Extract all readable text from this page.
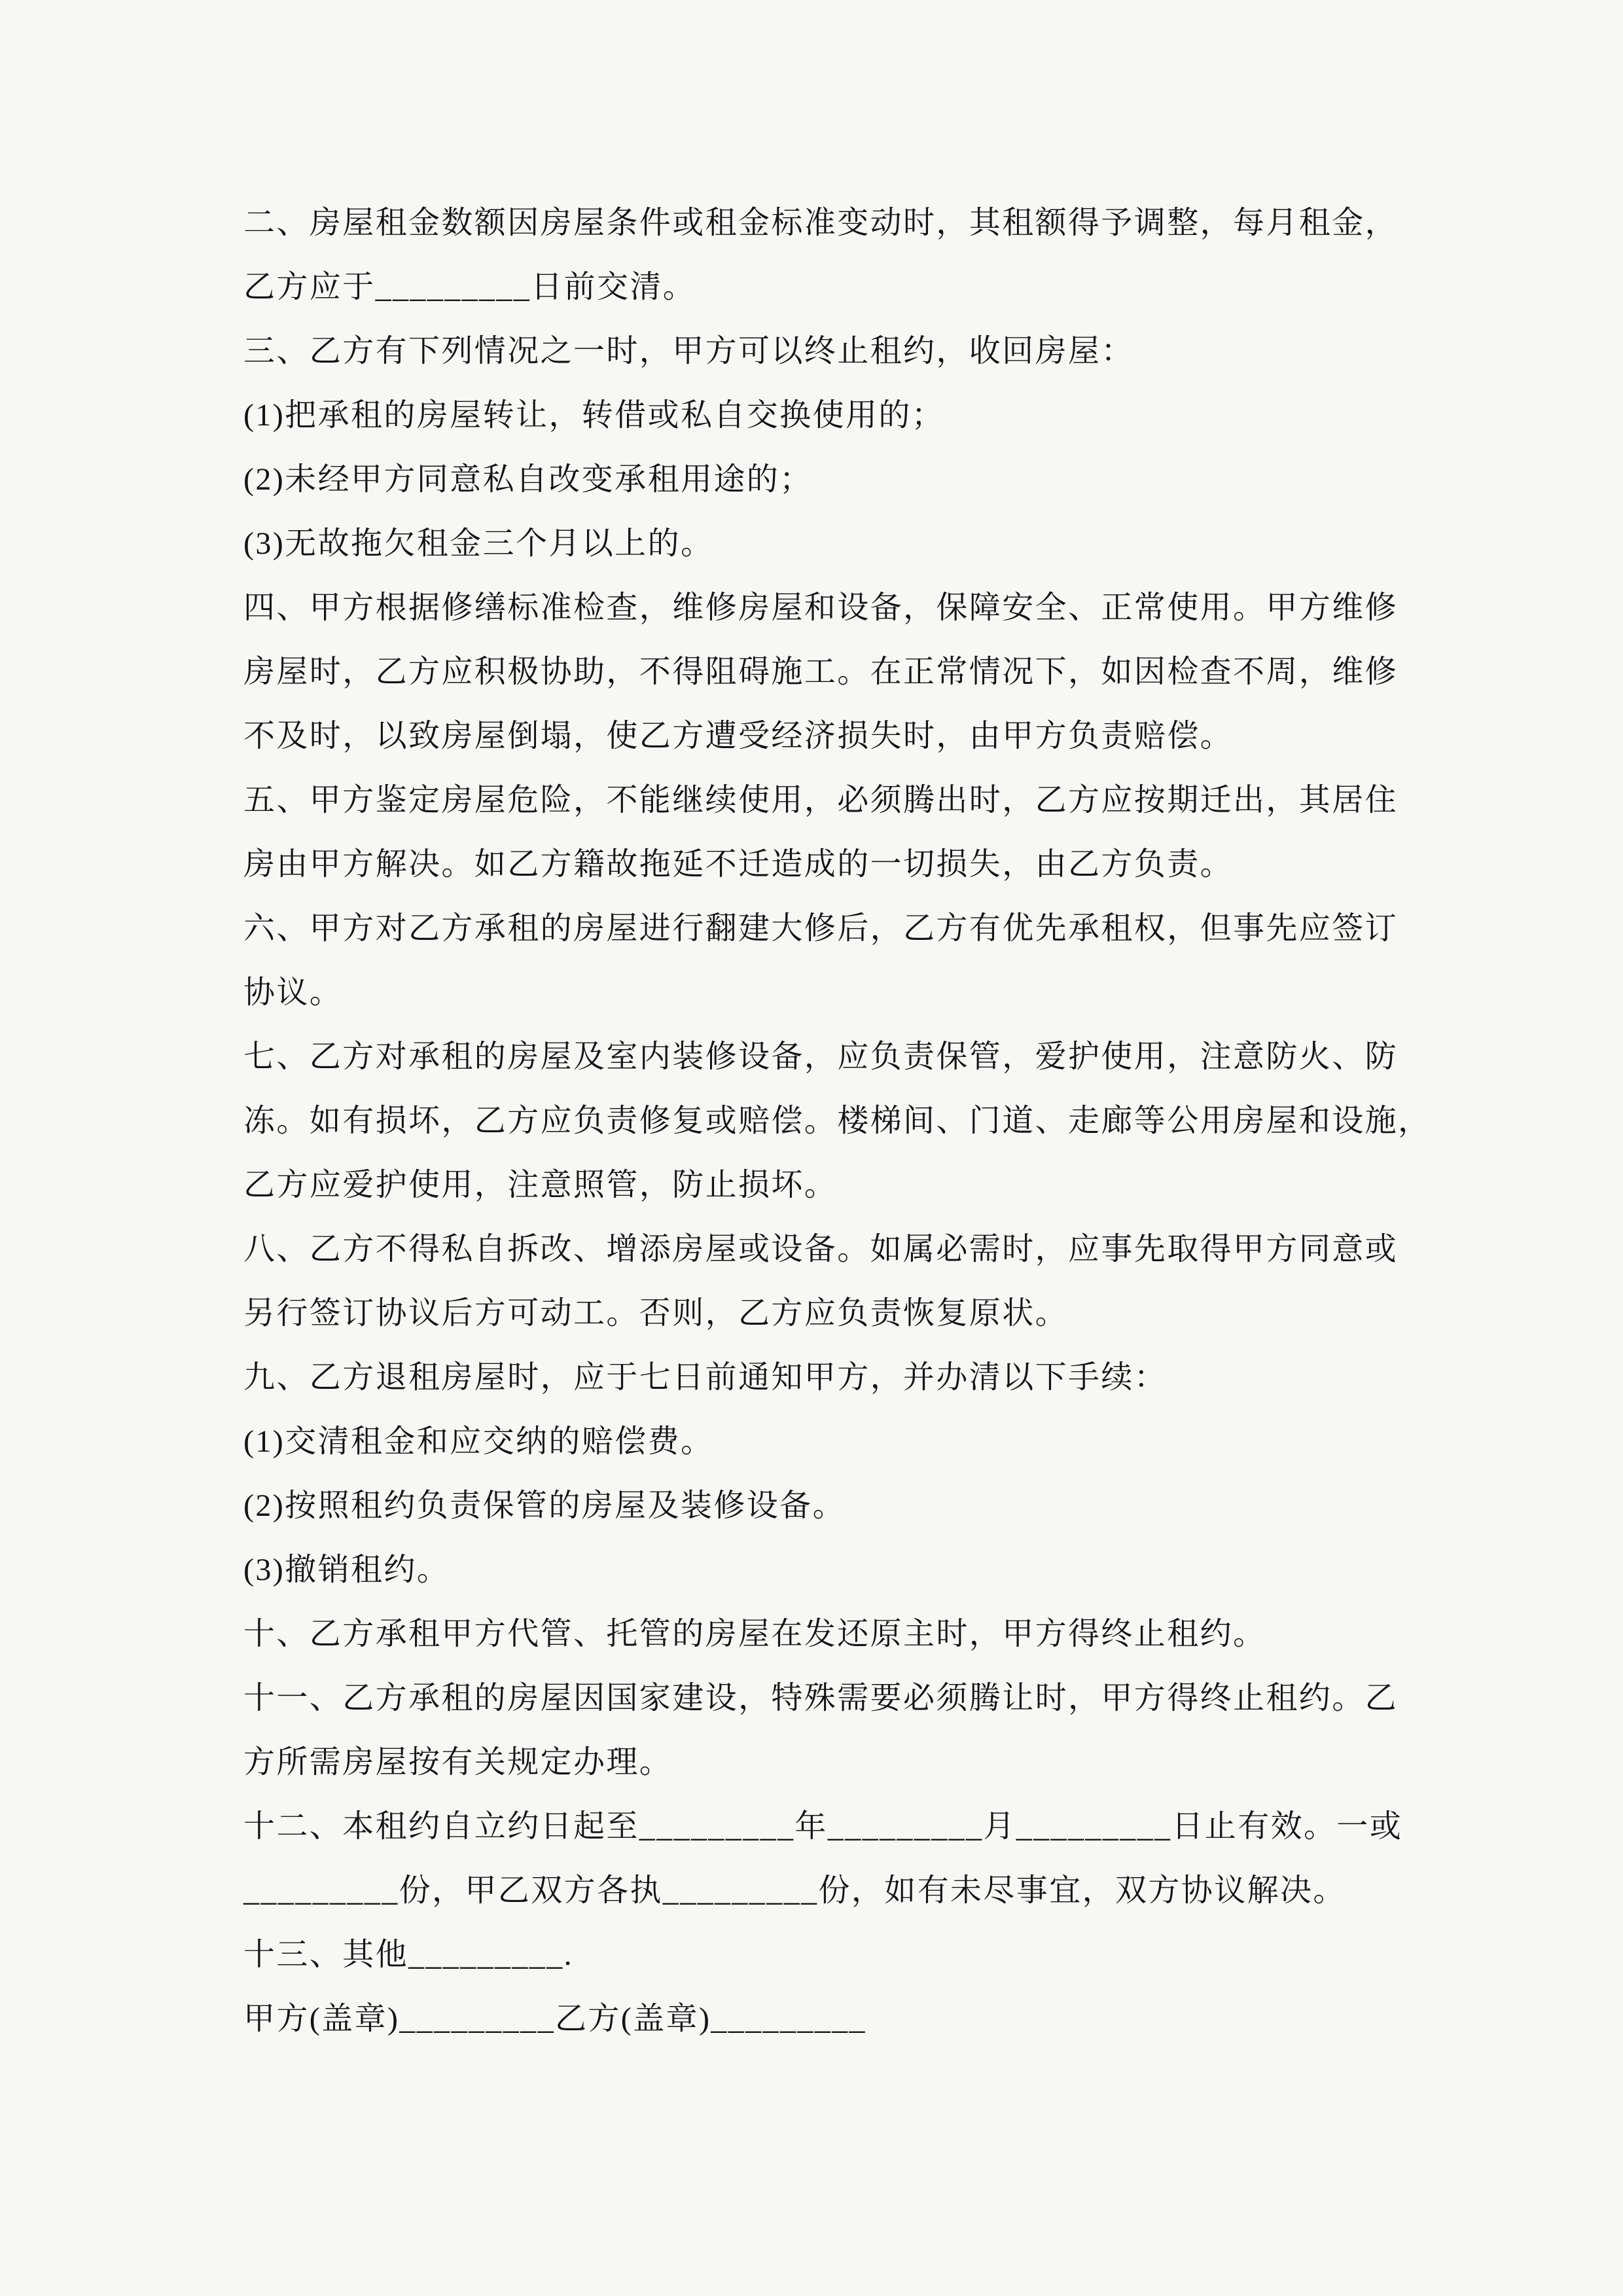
二、房屋租金数额因房屋条件或租金标准变动时，其租额得予调整，每月租金，
乙方应于_________日前交清。
三、乙方有下列情况之一时，甲方可以终止租约，收回房屋：
(1)把承租的房屋转让，转借或私自交换使用的；
(2)未经甲方同意私自改变承租用途的；
(3)无故拖欠租金三个月以上的。
四、甲方根据修缮标准检查，维修房屋和设备，保障安全、正常使用。甲方维修
房屋时，乙方应积极协助，不得阻碍施工。在正常情况下，如因检查不周，维修
不及时，以致房屋倒塌，使乙方遭受经济损失时，由甲方负责赔偿。
五、甲方鉴定房屋危险，不能继续使用，必须腾出时，乙方应按期迁出，其居住
房由甲方解决。如乙方籍故拖延不迁造成的一切损失，由乙方负责。
六、甲方对乙方承租的房屋进行翻建大修后，乙方有优先承租权，但事先应签订
协议。
七、乙方对承租的房屋及室内装修设备，应负责保管，爱护使用，注意防火、防
冻。如有损坏，乙方应负责修复或赔偿。楼梯间、门道、走廊等公用房屋和设施，
乙方应爱护使用，注意照管，防止损坏。
八、乙方不得私自拆改、增添房屋或设备。如属必需时，应事先取得甲方同意或
另行签订协议后方可动工。否则，乙方应负责恢复原状。
九、乙方退租房屋时，应于七日前通知甲方，并办清以下手续：
(1)交清租金和应交纳的赔偿费。
(2)按照租约负责保管的房屋及装修设备。
(3)撤销租约。
十、乙方承租甲方代管、托管的房屋在发还原主时，甲方得终止租约。
十一、乙方承租的房屋因国家建设，特殊需要必须腾让时，甲方得终止租约。乙
方所需房屋按有关规定办理。
十二、本租约自立约日起至_________年_________月_________日止有效。一或
_________份，甲乙双方各执_________份，如有未尽事宜，双方协议解决。
十三、其他_________.
甲方(盖章)_________乙方(盖章)_________
